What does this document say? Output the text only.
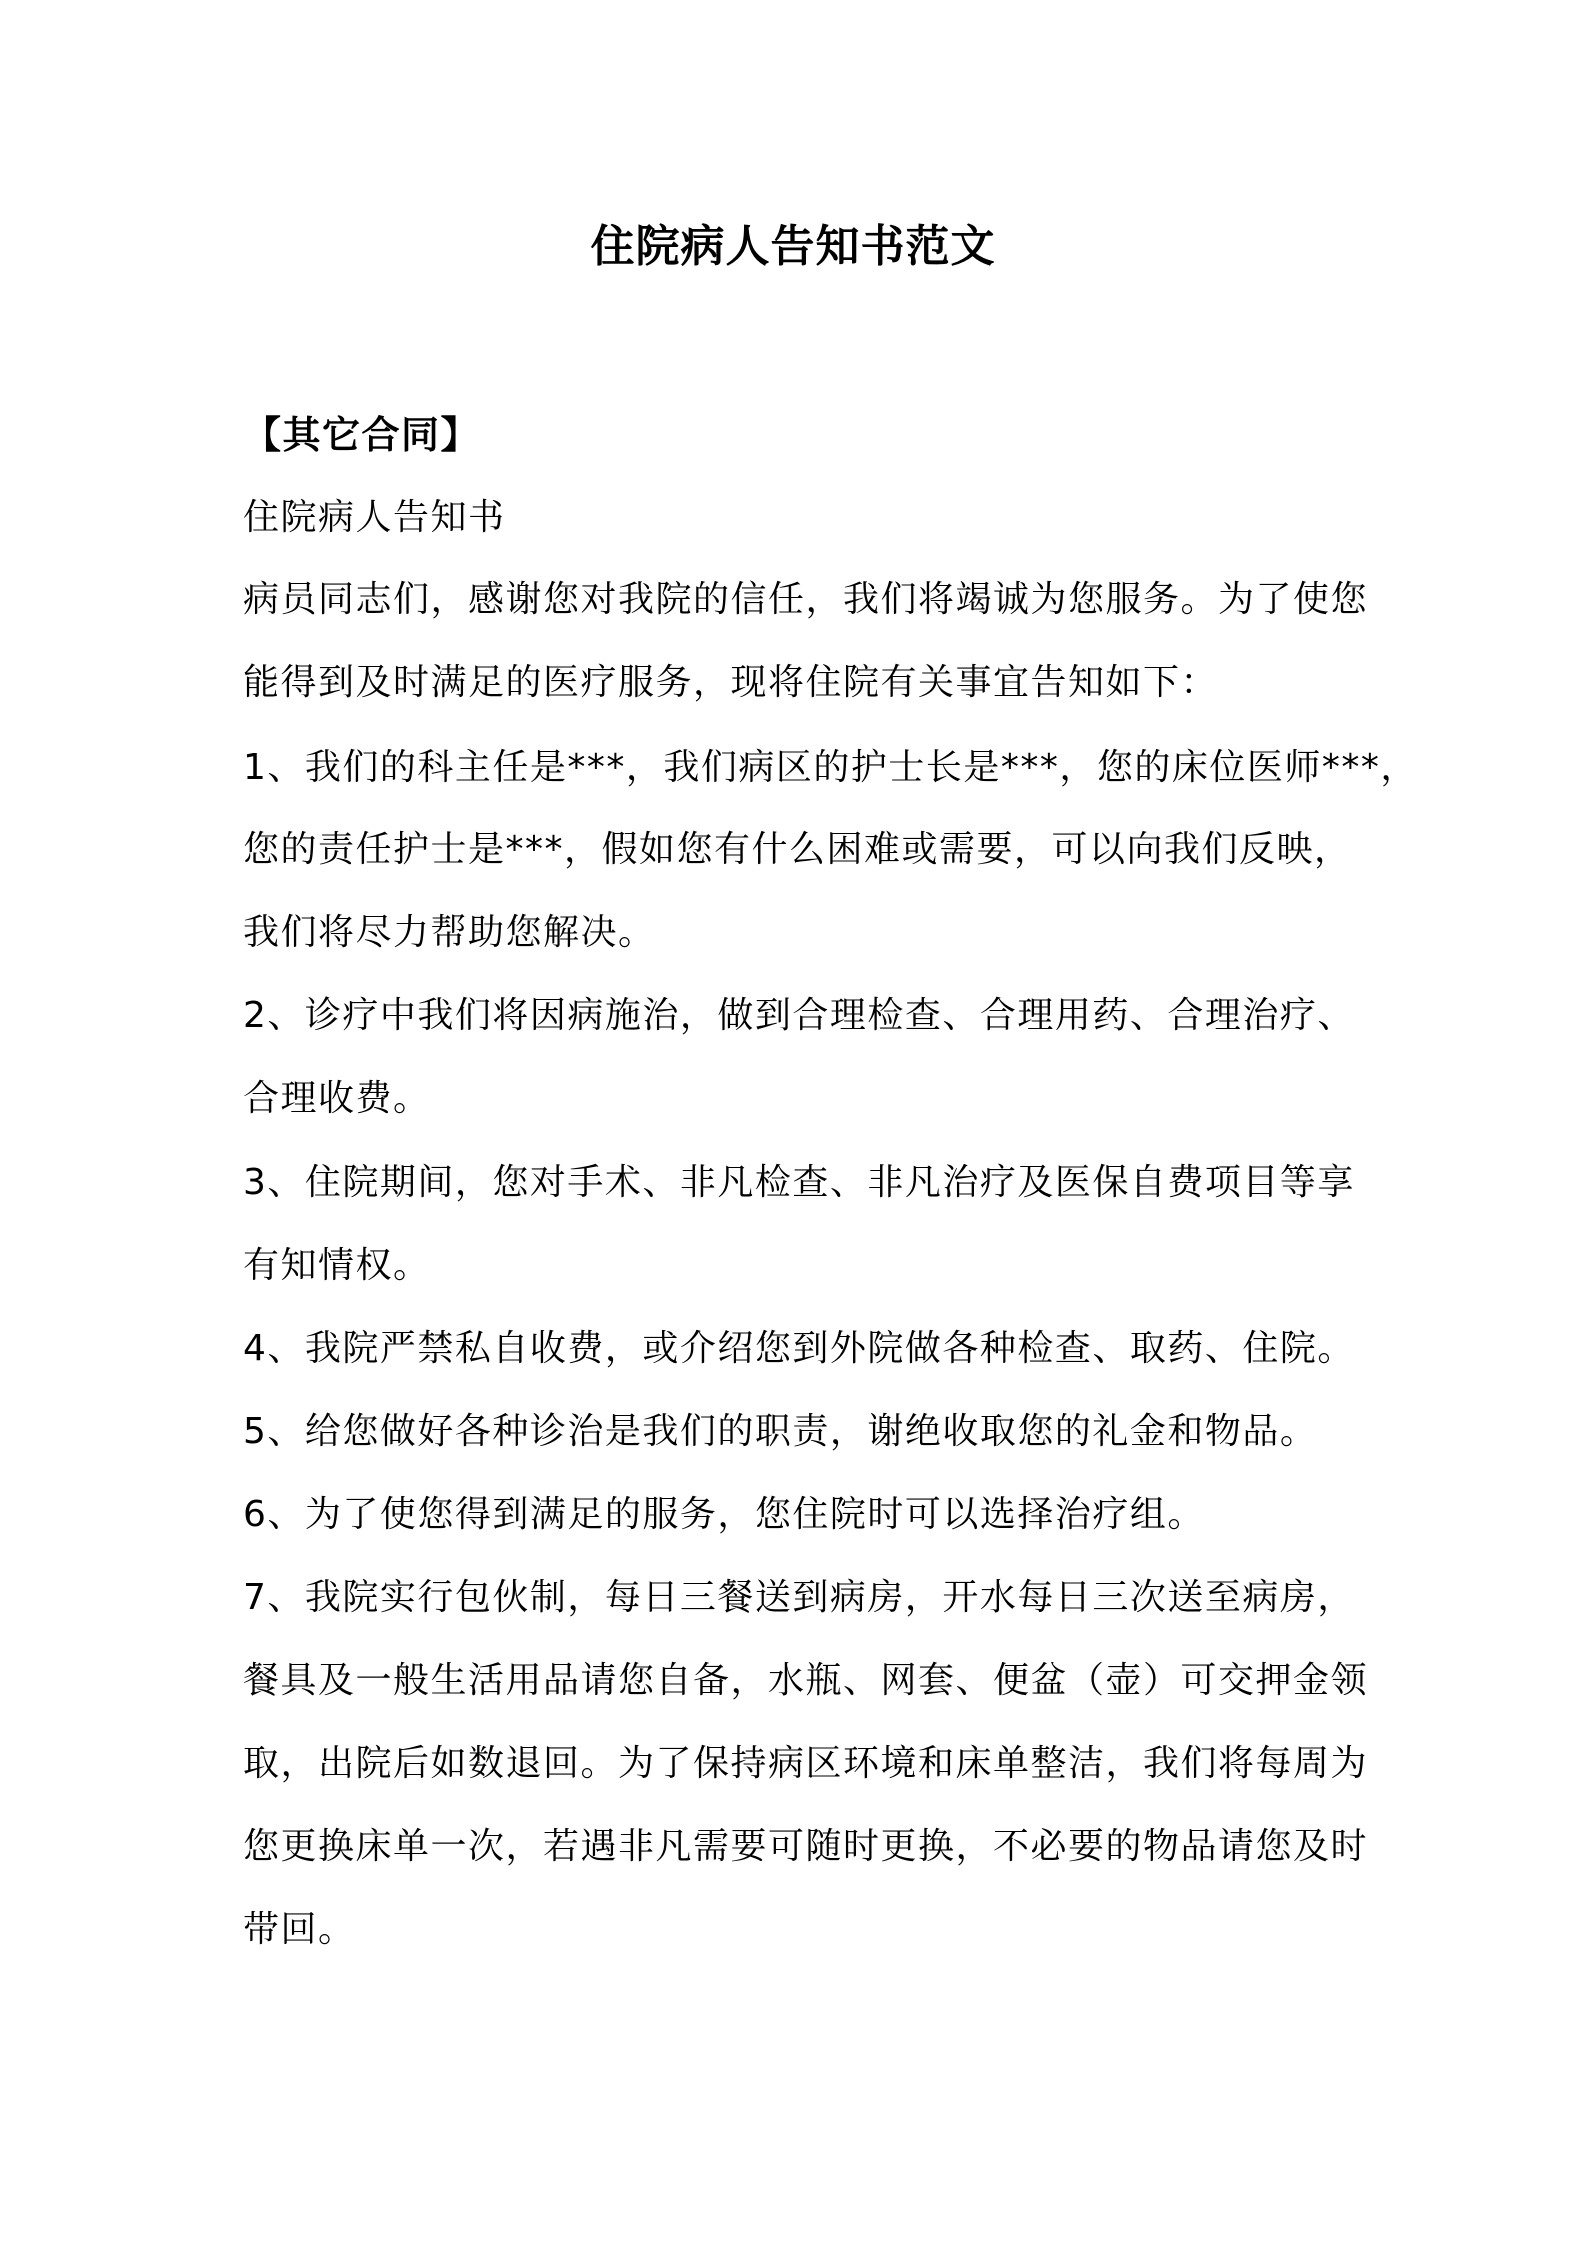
住院病人告知书范文
【其它合同】
住院病人告知书
病员同志们，感谢您对我院的信任，我们将竭诚为您服务。为了使您
能得到及时满足的医疗服务，现将住院有关事宜告知如下：
1、我们的科主任是***，我们病区的护士长是***，您的床位医师***，
您的责任护士是***，假如您有什么困难或需要，可以向我们反映，
我们将尽力帮助您解决。
2、诊疗中我们将因病施治，做到合理检查、合理用药、合理治疗、
合理收费。
3、住院期间，您对手术、非凡检查、非凡治疗及医保自费项目等享
有知情权。
4、我院严禁私自收费，或介绍您到外院做各种检查、取药、住院。
5、给您做好各种诊治是我们的职责，谢绝收取您的礼金和物品。
6、为了使您得到满足的服务，您住院时可以选择治疗组。
7、我院实行包伙制，每日三餐送到病房，开水每日三次送至病房，
餐具及一般生活用品请您自备，水瓶、网套、便盆（壶）可交押金领
取，出院后如数退回。为了保持病区环境和床单整洁，我们将每周为
您更换床单一次，若遇非凡需要可随时更换，不必要的物品请您及时
带回。
